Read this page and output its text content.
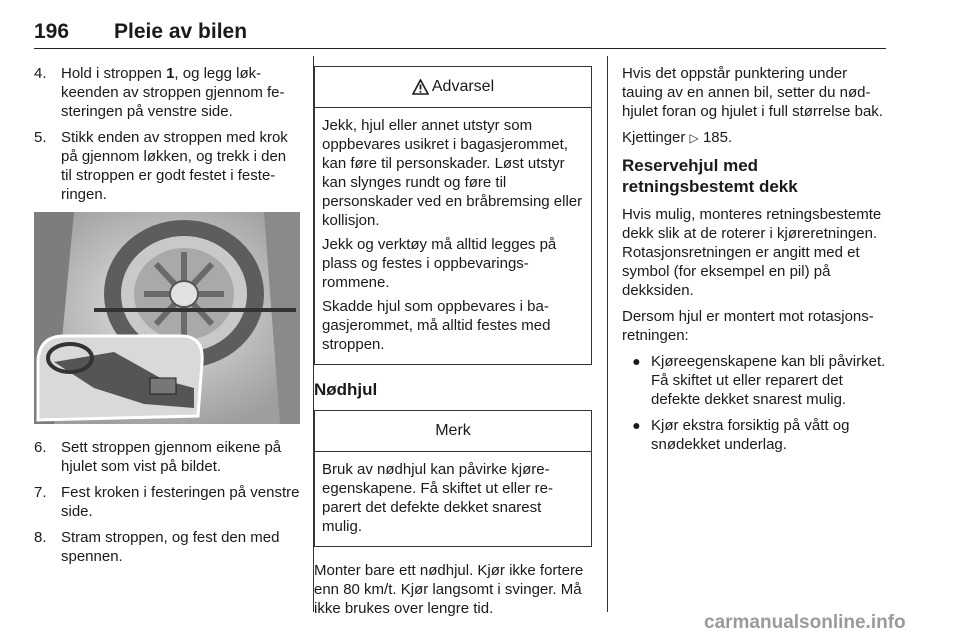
196 Pleie av bilen
4. Hold i stroppen 1, og legg løkkeenden av stroppen gjennom festeringen på venstre side.
5. Stikk enden av stroppen med krok på gjennom løkken, og trekk i den til stroppen er godt festet i festeringen.
6. Sett stroppen gjennom eikene på hjulet som vist på bildet.
7. Fest kroken i festeringen på venstre side.
8. Stram stroppen, og fest den med spennen.
Advarsel

Jekk, hjul eller annet utstyr som oppbevares usikret i bagasjerommet, kan føre til personskader. Løst utstyr kan slynges rundt og føre til personskader ved en bråbremsing eller kollisjon.

Jekk og verktøy må alltid legges på plass og festes i oppbevaringsrommene.

Skadde hjul som oppbevares i bagasjerommet, må alltid festes med stroppen.

Nødhjul
Merk

Bruk av nødhjul kan påvirke kjøreegenskapene. Få skiftet ut eller reparert det defekte dekket snarest mulig.

Monter bare ett nødhjul. Kjør ikke fortere enn 80 km/t. Kjør langsomt i svinger. Må ikke brukes over lengre tid.

Hvis det oppstår punktering under tauing av en annen bil, setter du nødhjulet foran og hjulet i full størrelse bak.

Kjettinger ▷ 185.

Reservehjul med retningsbestemt dekk

Hvis mulig, monteres retningsbestemte dekk slik at de roterer i kjøreretningen. Rotasjonsretningen er angitt med et symbol (for eksempel en pil) på dekksiden.

Dersom hjul er montert mot rotasjonsretningen:

● Kjøreegenskapene kan bli påvirket. Få skiftet ut eller reparert det defekte dekket snarest mulig.
● Kjør ekstra forsiktig på vått og snødekket underlag.
carmanualsonline.info
